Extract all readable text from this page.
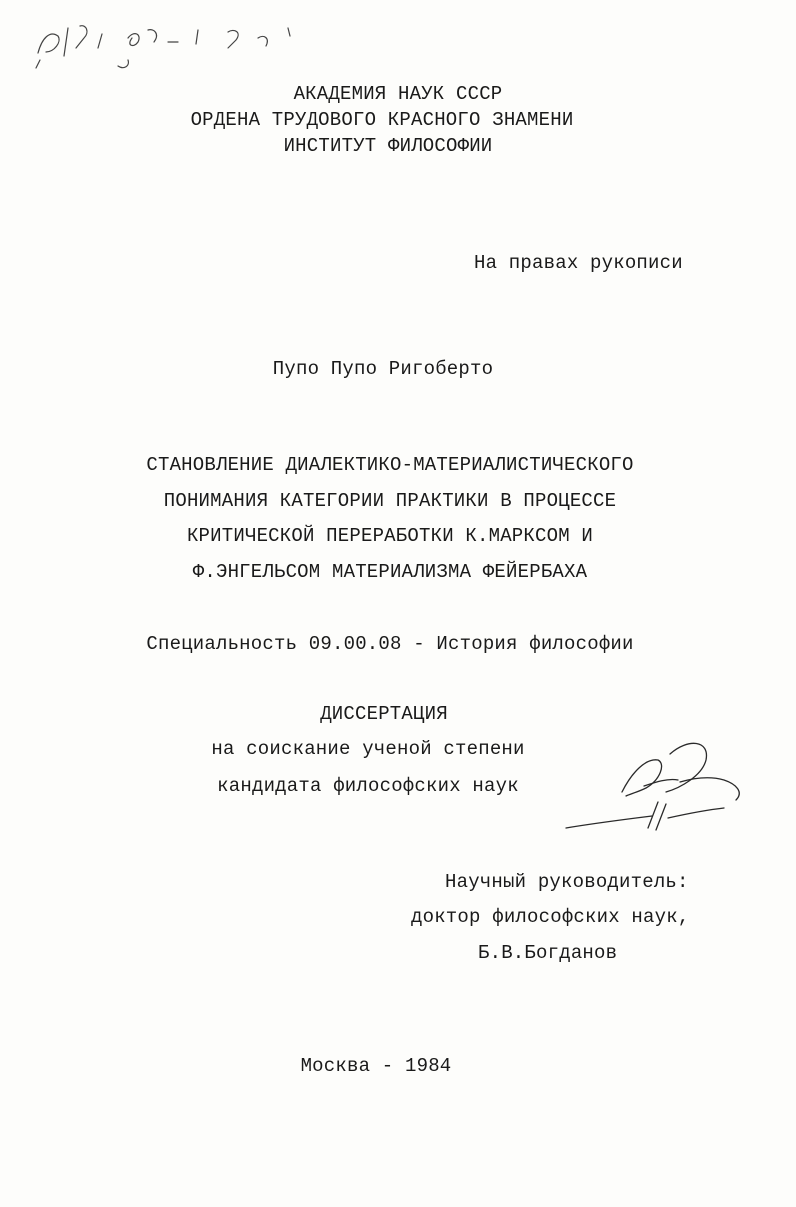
АКАДЕМИЯ НАУК СССР
ОРДЕНА ТРУДОВОГО КРАСНОГО ЗНАМЕНИ
ИНСТИТУТ ФИЛОСОФИИ
На правах рукописи
Пупо Пупо Ригоберто
СТАНОВЛЕНИЕ ДИАЛЕКТИКО-МАТЕРИАЛИСТИЧЕСКОГО
ПОНИМАНИЯ КАТЕГОРИИ ПРАКТИКИ В ПРОЦЕССЕ
КРИТИЧЕСКОЙ ПЕРЕРАБОТКИ К.МАРКСОМ И
Ф.ЭНГЕЛЬСОМ МАТЕРИАЛИЗМА ФЕЙЕРБАХА
Специальность 09.00.08 - История философии
ДИССЕРТАЦИЯ
на соискание ученой степени
кандидата философских наук
Научный руководитель:
доктор философских наук,
Б.В.Богданов
Москва - 1984
